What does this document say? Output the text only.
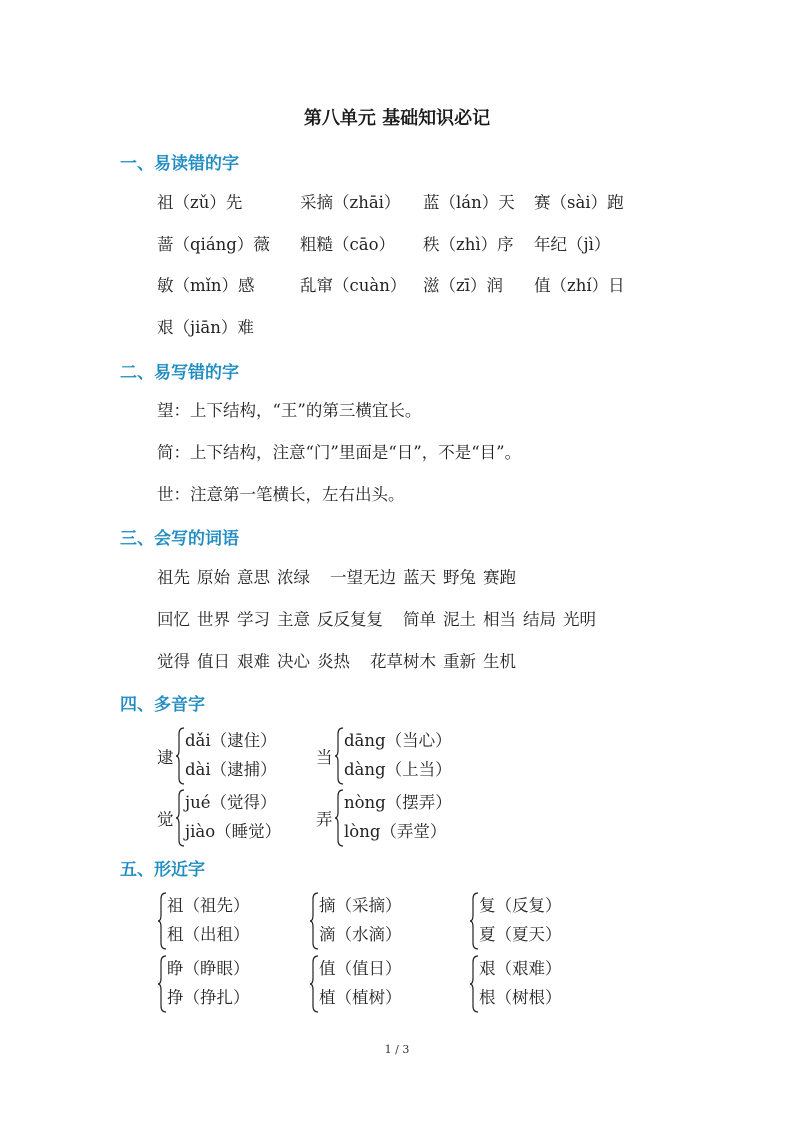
第八单元 基础知识必记
一、易读错的字
祖（zǔ）先	采摘（zhāi） 蓝（lán）天 赛（sài）跑
蔷（qiáng）薇 粗糙（cāo） 秩（zhì）序 年纪（jì）
敏（mǐn）感	乱窜（cuàn） 滋（zī）润 值（zhí）日
艰（jiān）难
二、易写错的字
望：上下结构，“王”的第三横宜长。
简：上下结构，注意“门”里面是“日”，不是“目”。
世：注意第一笔横长，左右出头。
三、会写的词语
祖先 原始 意思 浓绿 一望无边 蓝天 野兔 赛跑
回忆 世界 学习 主意 反反复复 简单 泥土 相当 结局 光明
觉得 值日 艰难 决心 炎热 花草树木 重新 生机
四、多音字
逮
dǎi（逮住）
dài（逮捕）
当
dāng（当心）
dàng（上当）
觉
jué（觉得）
jiào（睡觉）
弄
nòng（摆弄）
lòng（弄堂）
五、形近字
祖（祖先）
租（出租）
摘（采摘）
滴（水滴）
复（反复）
夏（夏天）
睁（睁眼）
挣（挣扎）
值（值日）
植（植树）
艰（艰难）
根（树根）
1 / 3
